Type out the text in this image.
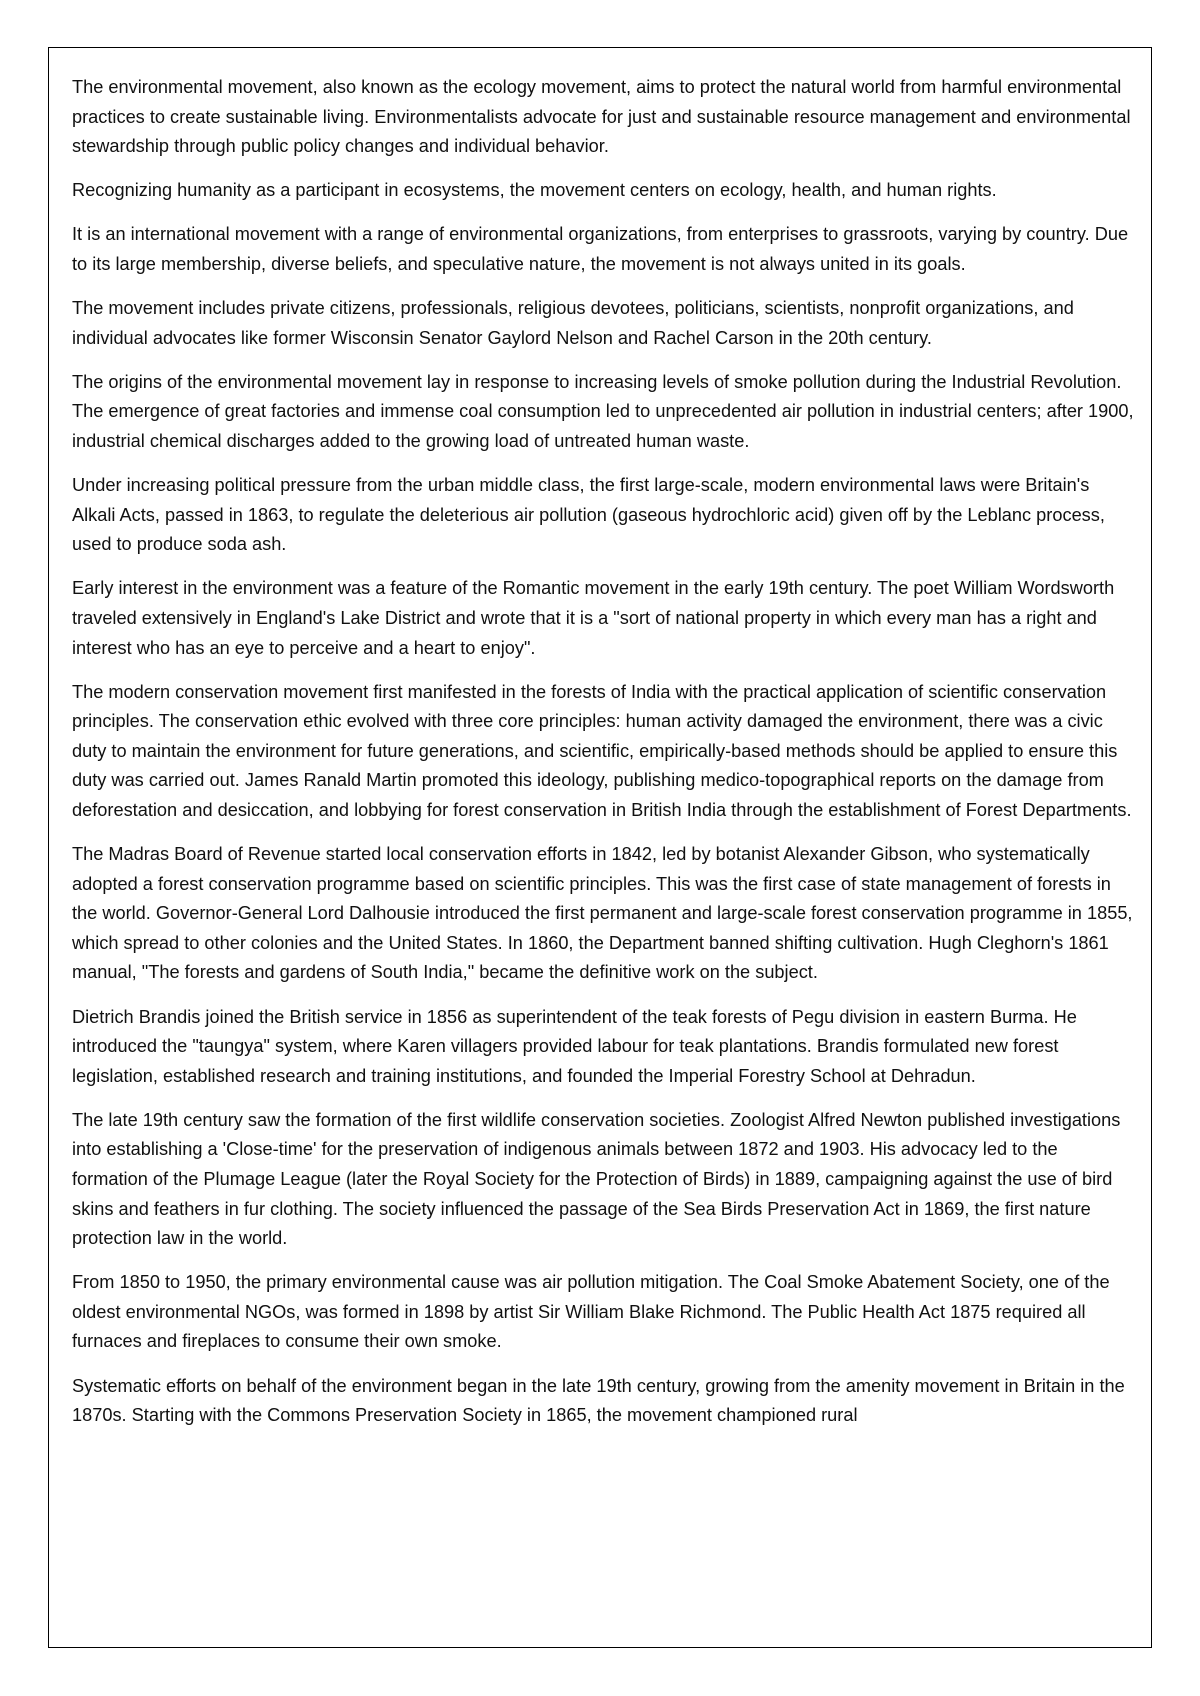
The environmental movement, also known as the ecology movement, aims to protect the natural world from harmful environmental practices to create sustainable living. Environmentalists advocate for just and sustainable resource management and environmental stewardship through public policy changes and individual behavior.

Recognizing humanity as a participant in ecosystems, the movement centers on ecology, health, and human rights.

It is an international movement with a range of environmental organizations, from enterprises to grassroots, varying by country. Due to its large membership, diverse beliefs, and speculative nature, the movement is not always united in its goals.

The movement includes private citizens, professionals, religious devotees, politicians, scientists, nonprofit organizations, and individual advocates like former Wisconsin Senator Gaylord Nelson and Rachel Carson in the 20th century.

The origins of the environmental movement lay in response to increasing levels of smoke pollution during the Industrial Revolution. The emergence of great factories and immense coal consumption led to unprecedented air pollution in industrial centers; after 1900, industrial chemical discharges added to the growing load of untreated human waste.

Under increasing political pressure from the urban middle class, the first large-scale, modern environmental laws were Britain's Alkali Acts, passed in 1863, to regulate the deleterious air pollution (gaseous hydrochloric acid) given off by the Leblanc process, used to produce soda ash.

Early interest in the environment was a feature of the Romantic movement in the early 19th century. The poet William Wordsworth traveled extensively in England's Lake District and wrote that it is a "sort of national property in which every man has a right and interest who has an eye to perceive and a heart to enjoy".

The modern conservation movement first manifested in the forests of India with the practical application of scientific conservation principles. The conservation ethic evolved with three core principles: human activity damaged the environment, there was a civic duty to maintain the environment for future generations, and scientific, empirically-based methods should be applied to ensure this duty was carried out. James Ranald Martin promoted this ideology, publishing medico-topographical reports on the damage from deforestation and desiccation, and lobbying for forest conservation in British India through the establishment of Forest Departments.

The Madras Board of Revenue started local conservation efforts in 1842, led by botanist Alexander Gibson, who systematically adopted a forest conservation programme based on scientific principles. This was the first case of state management of forests in the world. Governor-General Lord Dalhousie introduced the first permanent and large-scale forest conservation programme in 1855, which spread to other colonies and the United States. In 1860, the Department banned shifting cultivation. Hugh Cleghorn's 1861 manual, "The forests and gardens of South India," became the definitive work on the subject.

Dietrich Brandis joined the British service in 1856 as superintendent of the teak forests of Pegu division in eastern Burma. He introduced the "taungya" system, where Karen villagers provided labour for teak plantations. Brandis formulated new forest legislation, established research and training institutions, and founded the Imperial Forestry School at Dehradun.

The late 19th century saw the formation of the first wildlife conservation societies. Zoologist Alfred Newton published investigations into establishing a 'Close-time' for the preservation of indigenous animals between 1872 and 1903. His advocacy led to the formation of the Plumage League (later the Royal Society for the Protection of Birds) in 1889, campaigning against the use of bird skins and feathers in fur clothing. The society influenced the passage of the Sea Birds Preservation Act in 1869, the first nature protection law in the world.

From 1850 to 1950, the primary environmental cause was air pollution mitigation. The Coal Smoke Abatement Society, one of the oldest environmental NGOs, was formed in 1898 by artist Sir William Blake Richmond. The Public Health Act 1875 required all furnaces and fireplaces to consume their own smoke.

Systematic efforts on behalf of the environment began in the late 19th century, growing from the amenity movement in Britain in the 1870s. Starting with the Commons Preservation Society in 1865, the movement championed rural
